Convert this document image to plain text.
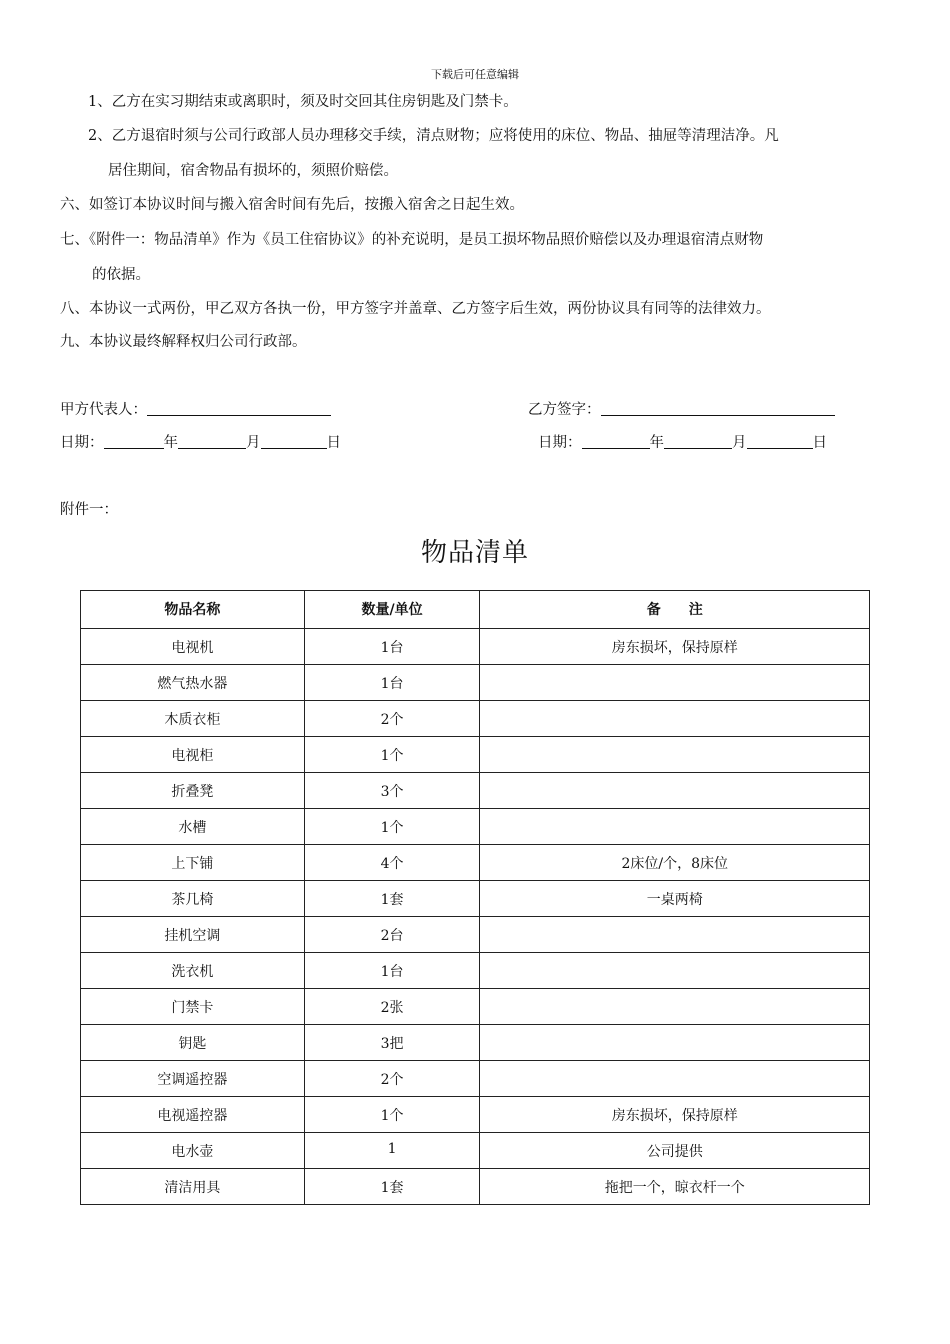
下载后可任意编辑
1、乙方在实习期结束或离职时，须及时交回其住房钥匙及门禁卡。
2、乙方退宿时须与公司行政部人员办理移交手续，清点财物；应将使用的床位、物品、抽屉等清理洁净。凡
居住期间，宿舍物品有损坏的，须照价赔偿。
六、如签订本协议时间与搬入宿舍时间有先后，按搬入宿舍之日起生效。
七、《附件一：物品清单》作为《员工住宿协议》的补充说明，是员工损坏物品照价赔偿以及办理退宿清点财物
的依据。
八、本协议一式两份，甲乙双方各执一份，甲方签字并盖章、乙方签字后生效，两份协议具有同等的法律效力。
九、本协议最终解释权归公司行政部。
甲方代表人：	乙方签字：
日期：	年	月	日	日期：	年	月	日
附件一：
物品清单
物品名称	数量/单位	备　　注
电视机	1台	房东损坏，保持原样
燃气热水器	1台	
木质衣柜	2个	
电视柜	1个	
折叠凳	3个	
水槽	1个	
上下铺	4个	2床位/个，8床位
茶几椅	1套	一桌两椅
挂机空调	2台	
洗衣机	1台	
门禁卡	2张	
钥匙	3把	
空调遥控器	2个	
电视遥控器	1个	房东损坏，保持原样
电水壶	1	公司提供
清洁用具	1套	拖把一个，晾衣杆一个
